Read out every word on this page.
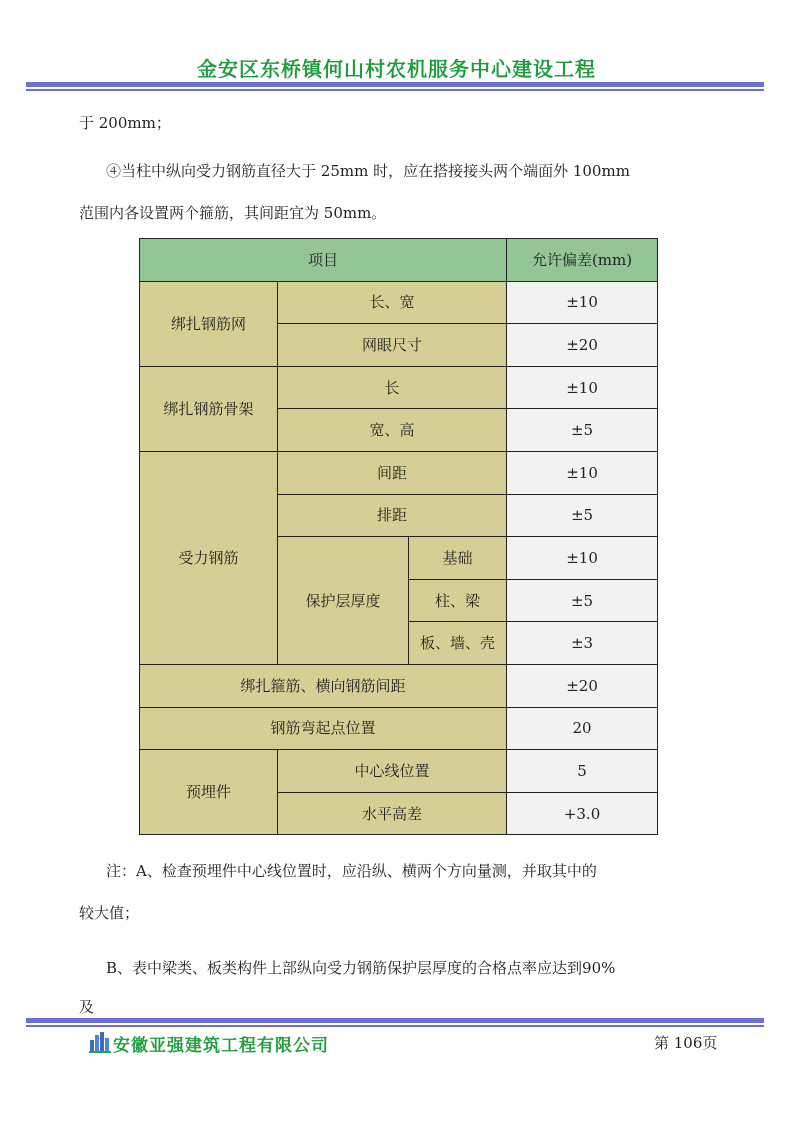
金安区东桥镇何山村农机服务中心建设工程
于 200mm；
④当柱中纵向受力钢筋直径大于 25mm 时，应在搭接接头两个端面外 100mm
范围内各设置两个箍筋，其间距宜为 50mm。
项目			允许偏差(mm)
绑扎钢筋网	长、宽		±10
	网眼尺寸		±20
绑扎钢筋骨架	长		±10
	宽、高		±5
受力钢筋	间距		±10
	排距		±5
	保护层厚度	基础	±10
		柱、梁	±5
		板、墙、壳	±3
绑扎箍筋、横向钢筋间距			±20
钢筋弯起点位置			20
预埋件	中心线位置		5
	水平高差		+3.0
注：A、检查预埋件中心线位置时，应沿纵、横两个方向量测，并取其中的
较大值；
B、表中梁类、板类构件上部纵向受力钢筋保护层厚度的合格点率应达到90%
及
安徽亚强建筑工程有限公司	第 106页
